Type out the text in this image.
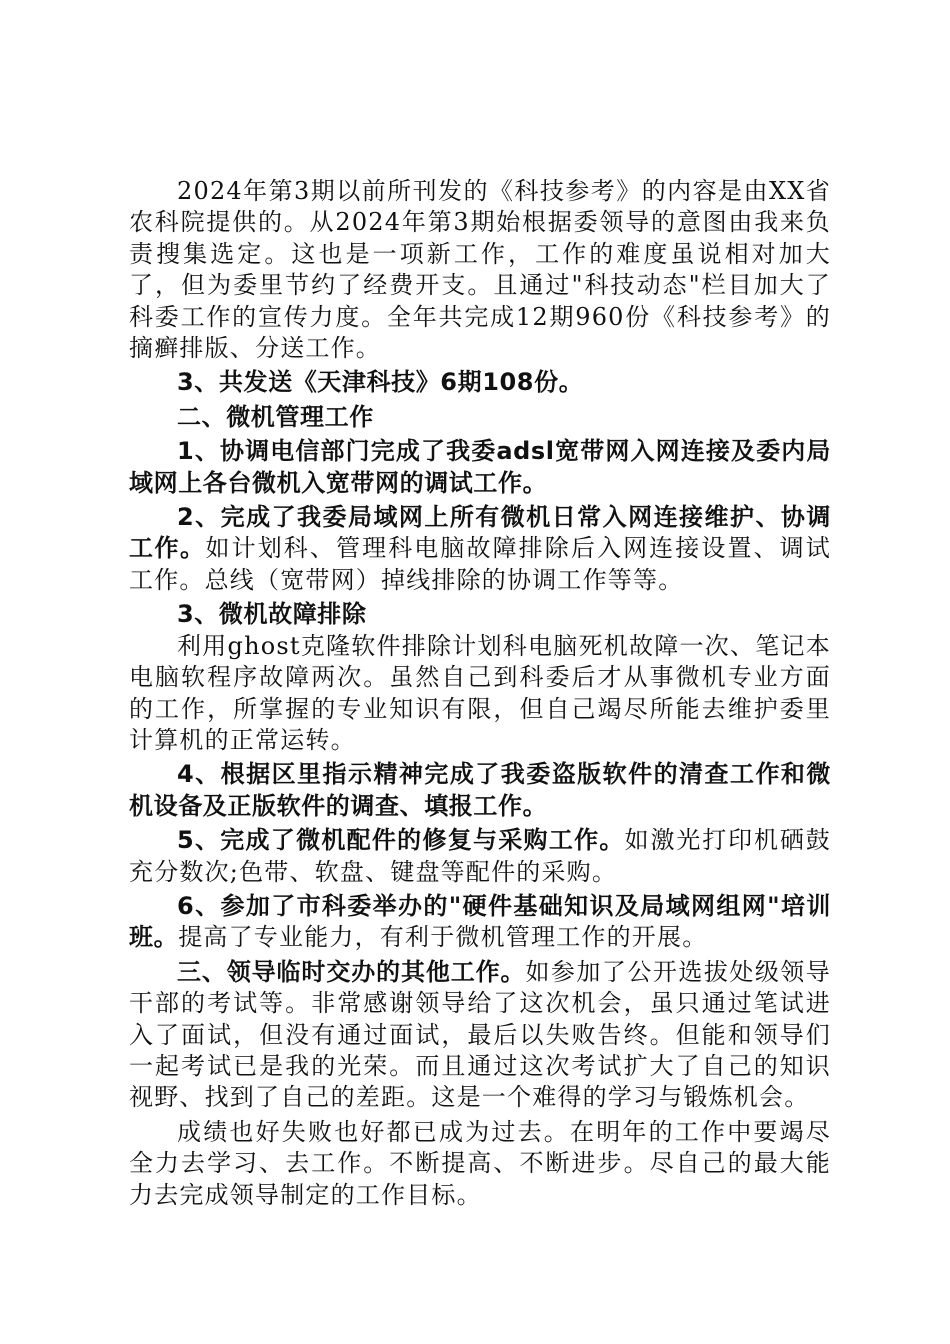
2024年第3期以前所刊发的《科技参考》的内容是由XX省农科院提供的。从2024年第3期始根据委领导的意图由我来负责搜集选定。这也是一项新工作，工作的难度虽说相对加大了，但为委里节约了经费开支。且通过"科技动态"栏目加大了科委工作的宣传力度。全年共完成12期960份《科技参考》的摘癣排版、分送工作。

3、共发送《天津科技》6期108份。

二、微机管理工作

1、协调电信部门完成了我委adsl宽带网入网连接及委内局域网上各台微机入宽带网的调试工作。

2、完成了我委局域网上所有微机日常入网连接维护、协调工作。如计划科、管理科电脑故障排除后入网连接设置、调试工作。总线（宽带网）掉线排除的协调工作等等。

3、微机故障排除

利用ghost克隆软件排除计划科电脑死机故障一次、笔记本电脑软程序故障两次。虽然自己到科委后才从事微机专业方面的工作，所掌握的专业知识有限，但自己竭尽所能去维护委里计算机的正常运转。

4、根据区里指示精神完成了我委盗版软件的清查工作和微机设备及正版软件的调查、填报工作。

5、完成了微机配件的修复与采购工作。如激光打印机硒鼓充分数次;色带、软盘、键盘等配件的采购。

6、参加了市科委举办的"硬件基础知识及局域网组网"培训班。提高了专业能力，有利于微机管理工作的开展。

三、领导临时交办的其他工作。如参加了公开选拔处级领导干部的考试等。非常感谢领导给了这次机会，虽只通过笔试进入了面试，但没有通过面试，最后以失败告终。但能和领导们一起考试已是我的光荣。而且通过这次考试扩大了自己的知识视野、找到了自己的差距。这是一个难得的学习与锻炼机会。

成绩也好失败也好都已成为过去。在明年的工作中要竭尽全力去学习、去工作。不断提高、不断进步。尽自己的最大能力去完成领导制定的工作目标。
